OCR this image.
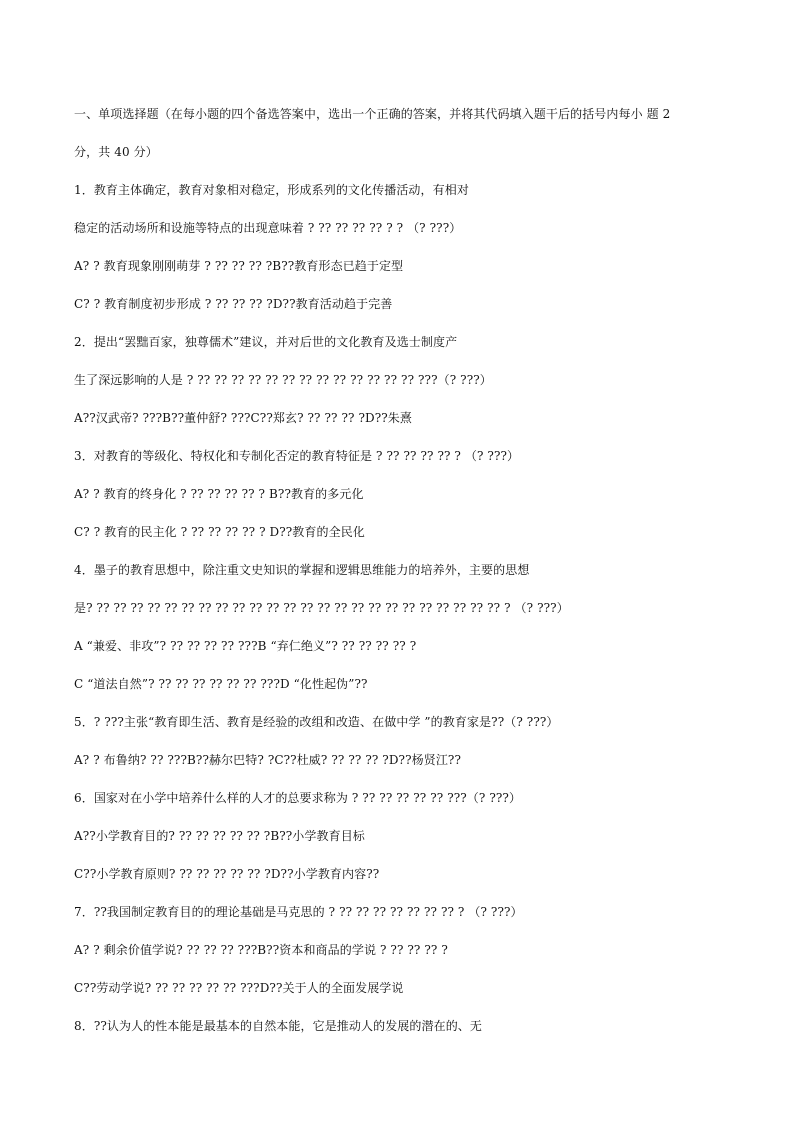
一、单项选择题（在每小题的四个备选答案中，选出一个正确的答案，并将其代码填入题干后的括号内每小 题 2
分，共 40 分）
1．教育主体确定，教育对象相对稳定，形成系列的文化传播活动，有相对
稳定的活动场所和设施等特点的出现意味着 ? ?? ?? ?? ?? ? ? （? ???）
A? ? 教育现象刚刚萌芽 ? ?? ?? ?? ?B??教育形态已趋于定型
C? ? 教育制度初步形成 ? ?? ?? ?? ?D??教育活动趋于完善
2．提出“罢黜百家，独尊儒术”建议，并对后世的文化教育及选士制度产
生了深远影响的人是 ? ?? ?? ?? ?? ?? ?? ?? ?? ?? ?? ?? ?? ?? ???（? ???）
A??汉武帝? ???B??董仲舒? ???C??郑玄? ?? ?? ?? ?D??朱熹
3．对教育的等级化、特权化和专制化否定的教育特征是 ? ?? ?? ?? ?? ? （? ???）
A? ? 教育的终身化 ? ?? ?? ?? ?? ? B??教育的多元化
C? ? 教育的民主化 ? ?? ?? ?? ?? ? D??教育的全民化
4．墨子的教育思想中，除注重文史知识的掌握和逻辑思维能力的培养外，主要的思想
是? ?? ?? ?? ?? ?? ?? ?? ?? ?? ?? ?? ?? ?? ?? ?? ?? ?? ?? ?? ?? ?? ?? ?? ?? ? （? ???）
A “兼爱、非攻”? ?? ?? ?? ?? ???B “弃仁绝义”? ?? ?? ?? ?? ?
C “道法自然”? ?? ?? ?? ?? ?? ?? ???D “化性起伪”??
5．? ???主张“教育即生活、教育是经验的改组和改造、在做中学 ”的教育家是??（? ???）
A? ? 布鲁纳? ?? ???B??赫尔巴特? ?C??杜威? ?? ?? ?? ?D??杨贤江??
6．国家对在小学中培养什么样的人才的总要求称为 ? ?? ?? ?? ?? ?? ???（? ???）
A??小学教育目的? ?? ?? ?? ?? ?? ?B??小学教育目标
C??小学教育原则? ?? ?? ?? ?? ?? ?D??小学教育内容??
7．??我国制定教育目的的理论基础是马克思的 ? ?? ?? ?? ?? ?? ?? ?? ? （? ???）
A? ? 剩余价值学说? ?? ?? ?? ???B??资本和商品的学说 ? ?? ?? ?? ?
C??劳动学说? ?? ?? ?? ?? ?? ???D??关于人的全面发展学说
8．??认为人的性本能是最基本的自然本能，它是推动人的发展的潜在的、无
